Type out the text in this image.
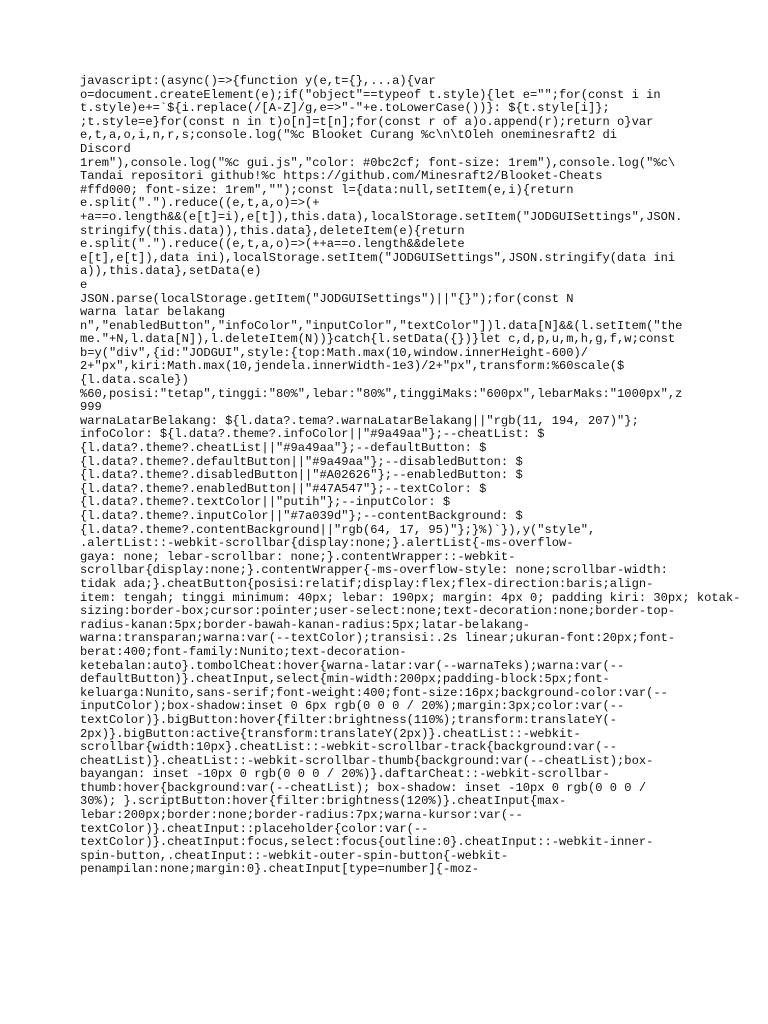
javascript:(async()=>{function y(e,t={},...a){var
o=document.createElement(e);if("object"==typeof t.style){let e="";for(const i in
t.style)e+=`${i.replace(/[A-Z]/g,e=>"-"+e.toLowerCase())}: ${t.style[i]};
;t.style=e}for(const n in t)o[n]=t[n];for(const r of a)o.append(r);return o}var
e,t,a,o,i,n,r,s;console.log("%c Blooket Curang %c\n\tOleh oneminesraft2 di
Discord
1rem"),console.log("%c gui.js","color: #0bc2cf; font-size: 1rem"),console.log("%c\
Tandai repositori github!%c https://github.com/Minesraft2/Blooket-Cheats
#ffd000; font-size: 1rem","");const l={data:null,setItem(e,i){return
e.split(".").reduce((e,t,a,o)=>(+
+a==o.length&&(e[t]=i),e[t]),this.data),localStorage.setItem("JODGUISettings",JSON.
stringify(this.data)),this.data},deleteItem(e){return
e.split(".").reduce((e,t,a,o)=>(++a==o.length&&delete
e[t],e[t]),data ini),localStorage.setItem("JODGUISettings",JSON.stringify(data ini
a)),this.data},setData(e)
e
JSON.parse(localStorage.getItem("JODGUISettings")||"{}");for(const N
warna latar belakang
n","enabledButton","infoColor","inputColor","textColor"])l.data[N]&&(l.setItem("the
me."+N,l.data[N]),l.deleteItem(N))}catch{l.setData({})}let c,d,p,u,m,h,g,f,w;const
b=y("div",{id:"JODGUI",style:{top:Math.max(10,window.innerHeight-600)/
2+"px",kiri:Math.max(10,jendela.innerWidth-1e3)/2+"px",transform:%60scale($
{l.data.scale})
%60,posisi:"tetap",tinggi:"80%",lebar:"80%",tinggiMaks:"600px",lebarMaks:"1000px",z
999
warnaLatarBelakang: ${l.data?.tema?.warnaLatarBelakang||"rgb(11, 194, 207)"};
infoColor: ${l.data?.theme?.infoColor||"#9a49aa"};--cheatList: $
{l.data?.theme?.cheatList||"#9a49aa"};--defaultButton: $
{l.data?.theme?.defaultButton||"#9a49aa"};--disabledButton: $
{l.data?.theme?.disabledButton||"#A02626"};--enabledButton: $
{l.data?.theme?.enabledButton||"#47A547"};--textColor: $
{l.data?.theme?.textColor||"putih"};--inputColor: $
{l.data?.theme?.inputColor||"#7a039d"};--contentBackground: $
{l.data?.theme?.contentBackground||"rgb(64, 17, 95)"};}%)`}),y("style",
.alertList::-webkit-scrollbar{display:none;}.alertList{-ms-overflow-
gaya: none; lebar-scrollbar: none;}.contentWrapper::-webkit-
scrollbar{display:none;}.contentWrapper{-ms-overflow-style: none;scrollbar-width:
tidak ada;}.cheatButton{posisi:relatif;display:flex;flex-direction:baris;align-
item: tengah; tinggi minimum: 40px; lebar: 190px; margin: 4px 0; padding kiri: 30px; kotak-
sizing:border-box;cursor:pointer;user-select:none;text-decoration:none;border-top-
radius-kanan:5px;border-bawah-kanan-radius:5px;latar-belakang-
warna:transparan;warna:var(--textColor);transisi:.2s linear;ukuran-font:20px;font-
berat:400;font-family:Nunito;text-decoration-
ketebalan:auto}.tombolCheat:hover{warna-latar:var(--warnaTeks);warna:var(--
defaultButton)}.cheatInput,select{min-width:200px;padding-block:5px;font-
keluarga:Nunito,sans-serif;font-weight:400;font-size:16px;background-color:var(--
inputColor);box-shadow:inset 0 6px rgb(0 0 0 / 20%);margin:3px;color:var(--
textColor)}.bigButton:hover{filter:brightness(110%);transform:translateY(-
2px)}.bigButton:active{transform:translateY(2px)}.cheatList::-webkit-
scrollbar{width:10px}.cheatList::-webkit-scrollbar-track{background:var(--
cheatList)}.cheatList::-webkit-scrollbar-thumb{background:var(--cheatList);box-
bayangan: inset -10px 0 rgb(0 0 0 / 20%)}.daftarCheat::-webkit-scrollbar-
thumb:hover{background:var(--cheatList); box-shadow: inset -10px 0 rgb(0 0 0 /
30%); }.scriptButton:hover{filter:brightness(120%)}.cheatInput{max-
lebar:200px;border:none;border-radius:7px;warna-kursor:var(--
textColor)}.cheatInput::placeholder{color:var(--
textColor)}.cheatInput:focus,select:focus{outline:0}.cheatInput::-webkit-inner-
spin-button,.cheatInput::-webkit-outer-spin-button{-webkit-
penampilan:none;margin:0}.cheatInput[type=number]{-moz-
